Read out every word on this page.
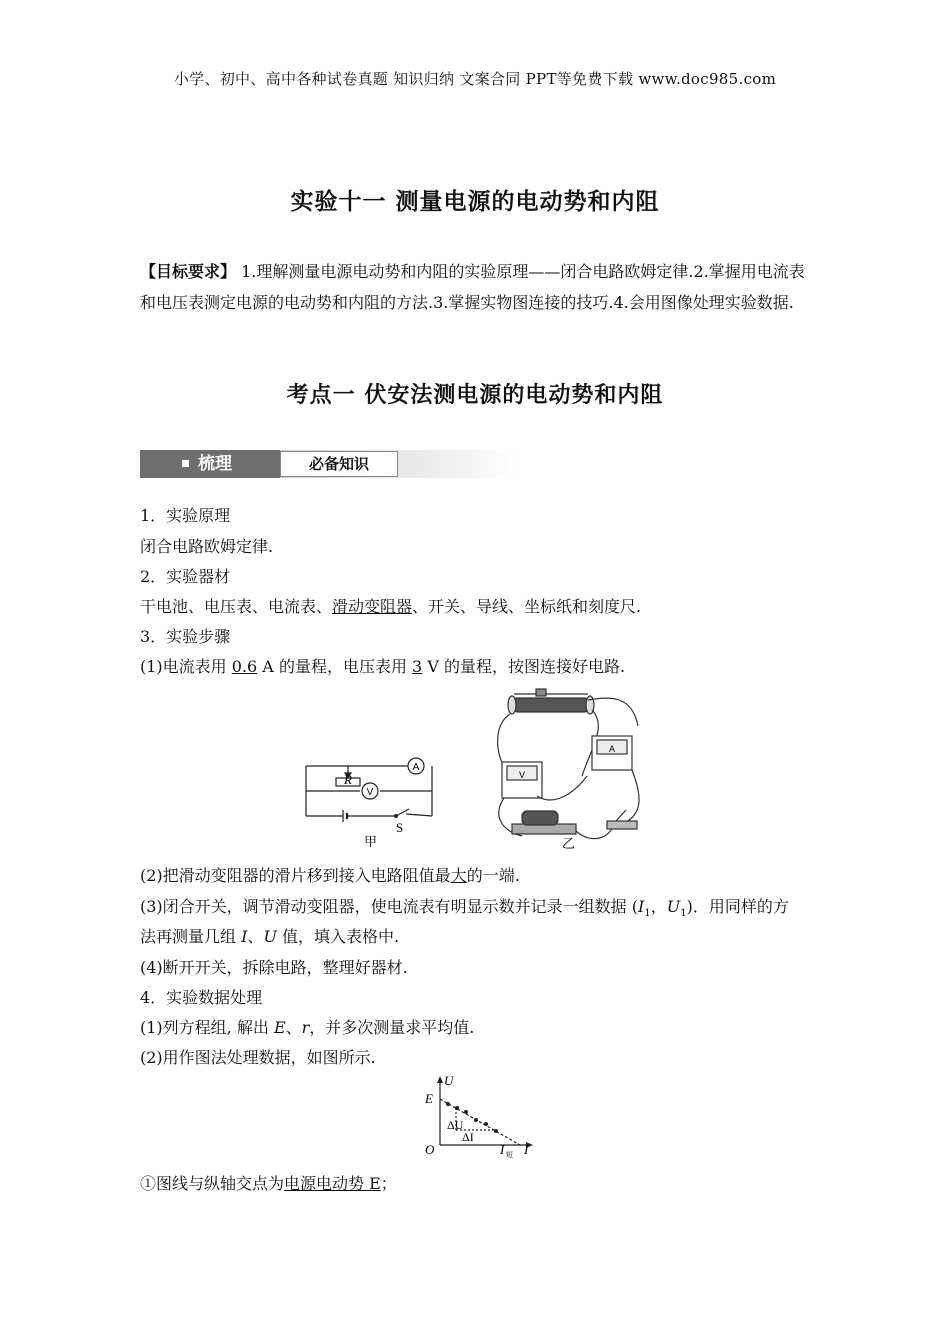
小学、初中、高中各种试卷真题 知识归纳 文案合同 PPT等免费下载 www.doc985.com
实验十一 测量电源的电动势和内阻
【目标要求】 1.理解测量电源电动势和内阻的实验原理——闭合电路欧姆定律.2.掌握用电流表和电压表测定电源的电动势和内阻的方法.3.掌握实物图连接的技巧.4.会用图像处理实验数据.
考点一 伏安法测电源的电动势和内阻
梳理	必备知识
1．实验原理
闭合电路欧姆定律.
2．实验器材
干电池、电压表、电流表、滑动变阻器、开关、导线、坐标纸和刻度尺.
3．实验步骤
(1)电流表用 0.6 A 的量程，电压表用 3 V 的量程，按图连接好电路.
A
V
R
S
甲
V
A
乙
(2)把滑动变阻器的滑片移到接入电路阻值最大的一端.
(3)闭合开关，调节滑动变阻器，使电流表有明显示数并记录一组数据 ($I_1$，$U_1$)．用同样的方
法再测量几组 I、U 值，填入表格中.
(4)断开开关，拆除电路，整理好器材.
4．实验数据处理
(1)列方程组, 解出 E、r，并多次测量求平均值.
(2)用作图法处理数据，如图所示.
U
E
O	I
I 短
ΔU
ΔI
①图线与纵轴交点为电源电动势 E；
